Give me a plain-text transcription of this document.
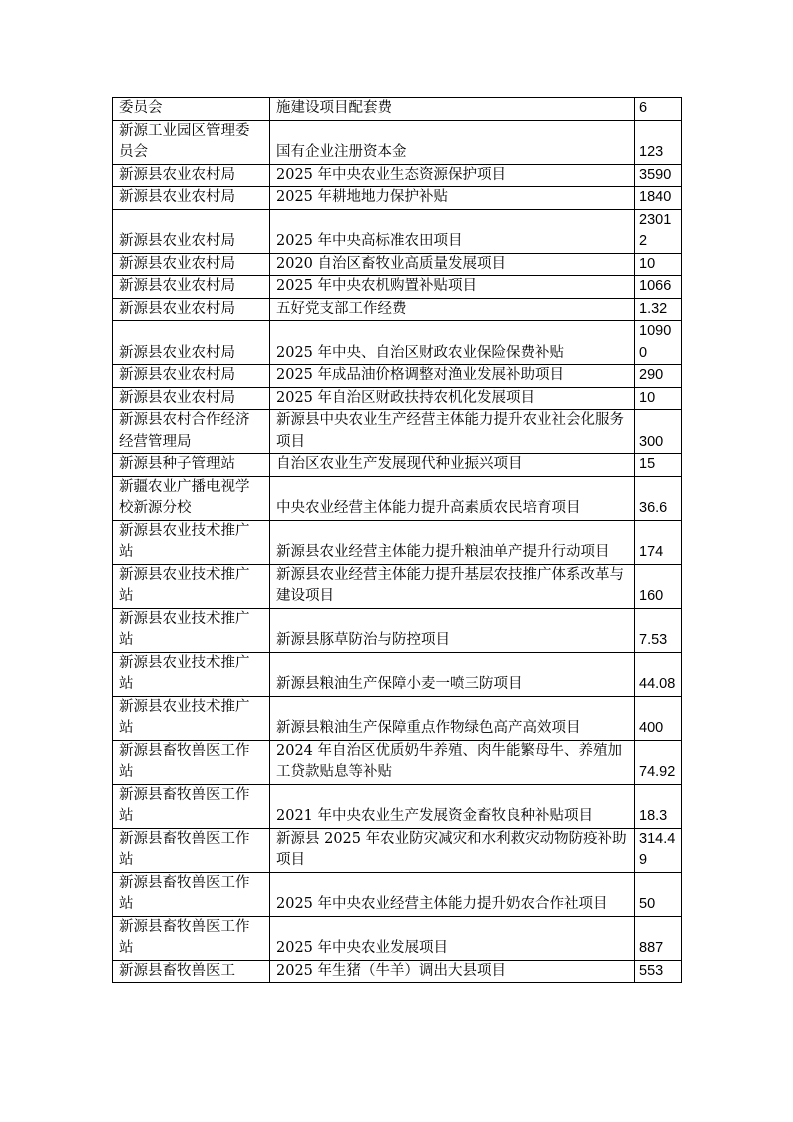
委员会	施建设项目配套费	6
新源工业园区管理委员会	国有企业注册资本金	123
新源县农业农村局	2025 年中央农业生态资源保护项目	3590
新源县农业农村局	2025 年耕地地力保护补贴	1840
新源县农业农村局	2025 年中央高标准农田项目	23012
新源县农业农村局	2020 自治区畜牧业高质量发展项目	10
新源县农业农村局	2025 年中央农机购置补贴项目	1066
新源县农业农村局	五好党支部工作经费	1.32
新源县农业农村局	2025 年中央、自治区财政农业保险保费补贴	10900
新源县农业农村局	2025 年成品油价格调整对渔业发展补助项目	290
新源县农业农村局	2025 年自治区财政扶持农机化发展项目	10
新源县农村合作经济经营管理局	新源县中央农业生产经营主体能力提升农业社会化服务项目	300
新源县种子管理站	自治区农业生产发展现代种业振兴项目	15
新疆农业广播电视学校新源分校	中央农业经营主体能力提升高素质农民培育项目	36.6
新源县农业技术推广站	新源县农业经营主体能力提升粮油单产提升行动项目	174
新源县农业技术推广站	新源县农业经营主体能力提升基层农技推广体系改革与建设项目	160
新源县农业技术推广站	新源县豚草防治与防控项目	7.53
新源县农业技术推广站	新源县粮油生产保障小麦一喷三防项目	44.08
新源县农业技术推广站	新源县粮油生产保障重点作物绿色高产高效项目	400
新源县畜牧兽医工作站	2024 年自治区优质奶牛养殖、肉牛能繁母牛、养殖加工贷款贴息等补贴	74.92
新源县畜牧兽医工作站	2021 年中央农业生产发展资金畜牧良种补贴项目	18.3
新源县畜牧兽医工作站	新源县 2025 年农业防灾减灾和水利救灾动物防疫补助项目	314.49
新源县畜牧兽医工作站	2025 年中央农业经营主体能力提升奶农合作社项目	50
新源县畜牧兽医工作站	2025 年中央农业发展项目	887
新源县畜牧兽医工	2025 年生猪（牛羊）调出大县项目	553
